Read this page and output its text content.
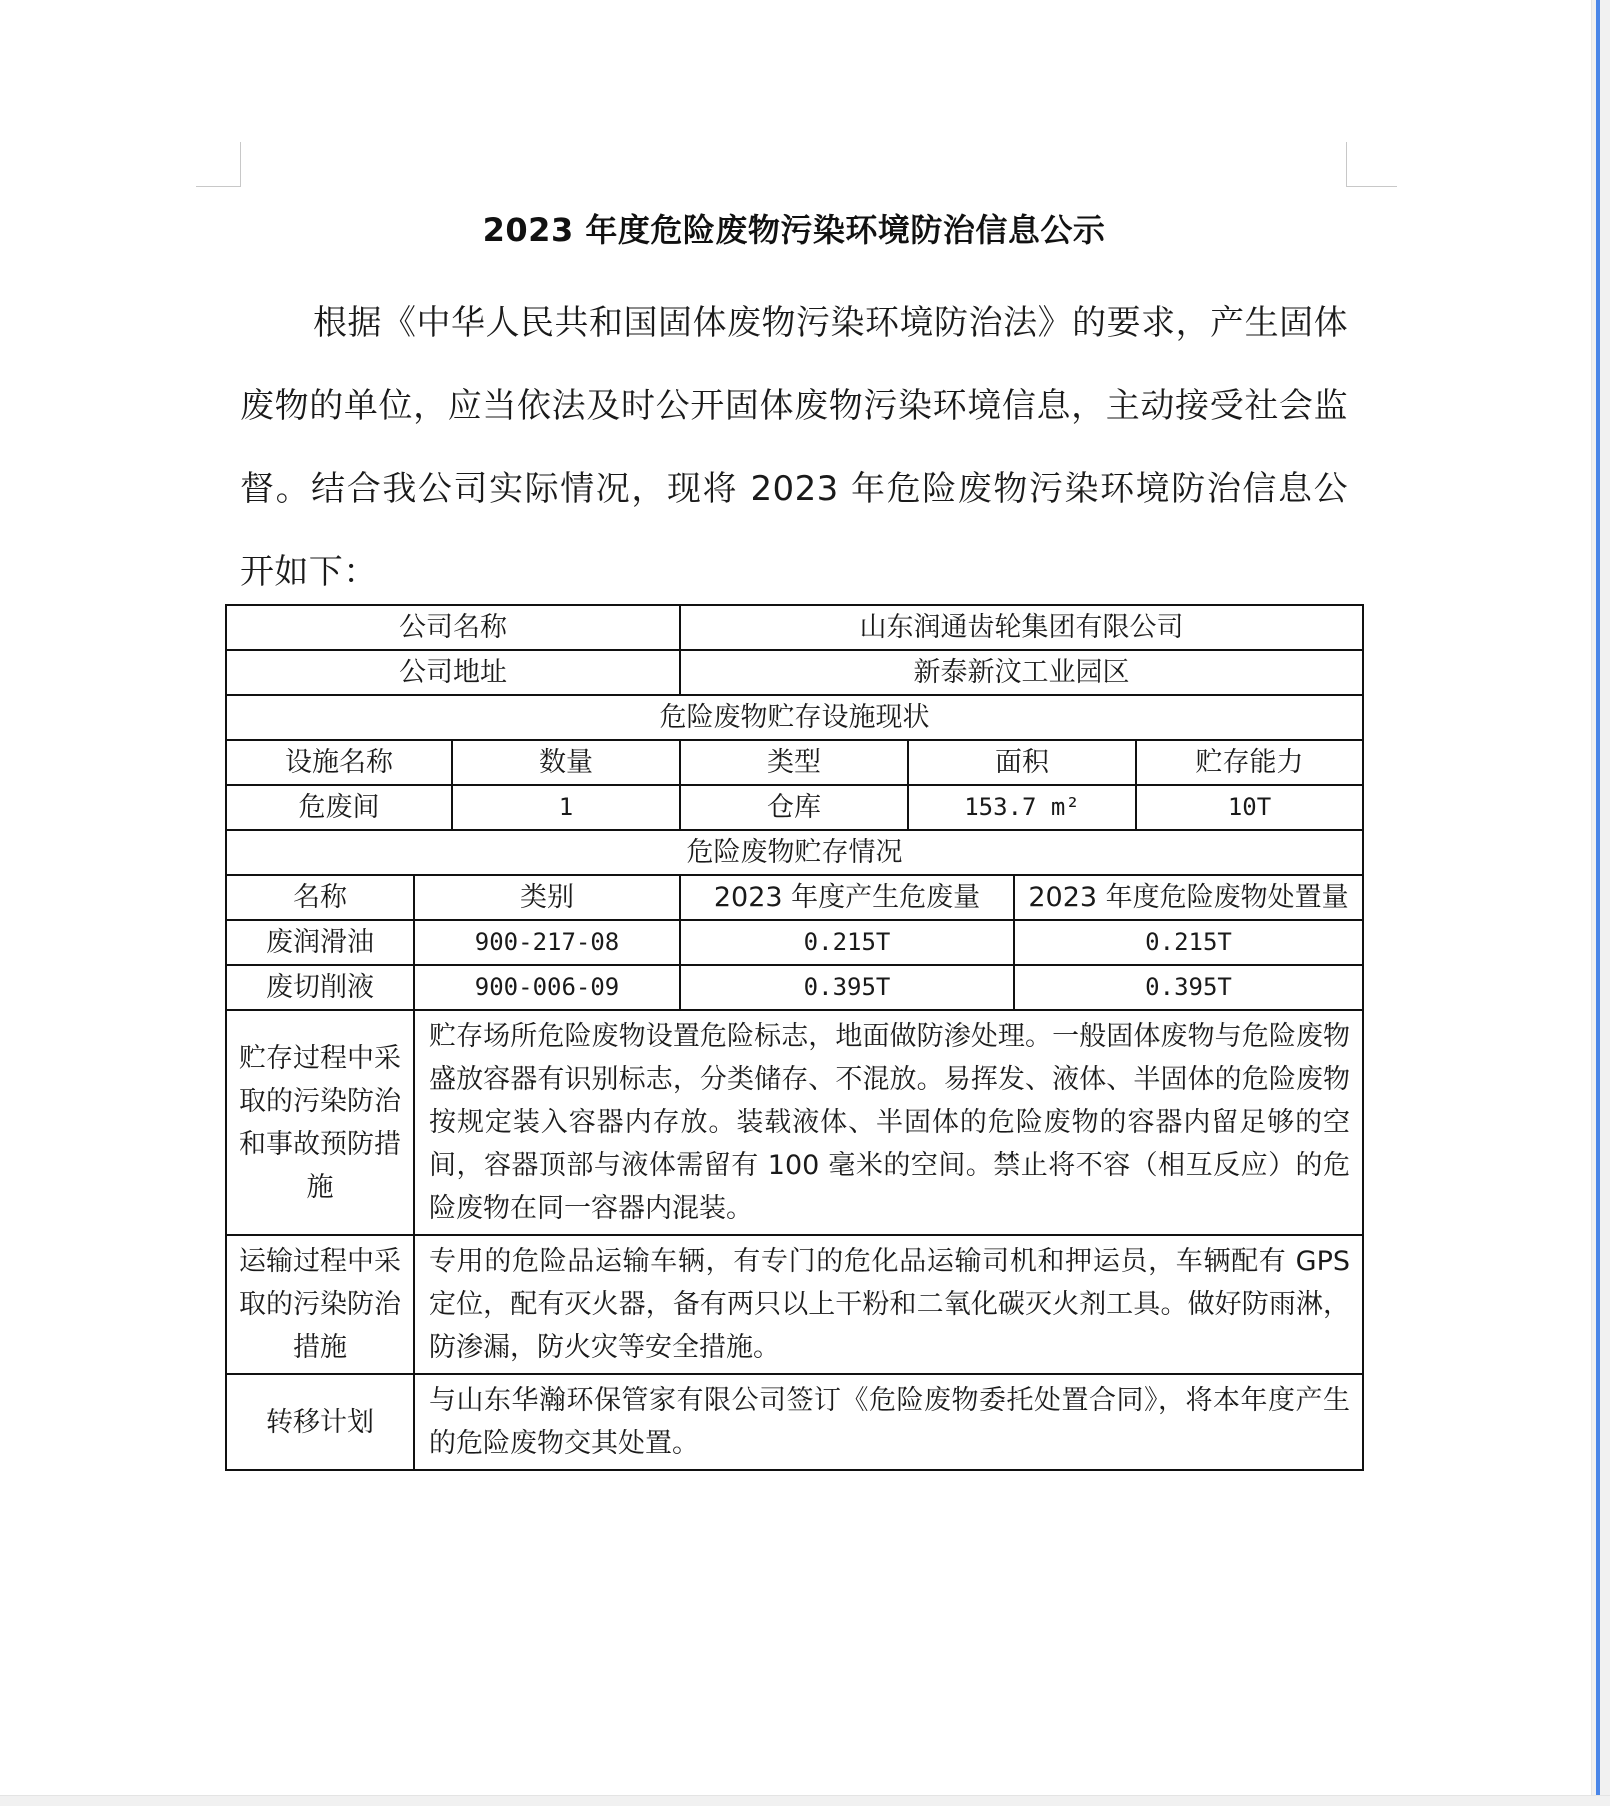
2023 年度危险废物污染环境防治信息公示
根据《中华人民共和国固体废物污染环境防治法》的要求，产生固体废物的单位，应当依法及时公开固体废物污染环境信息，主动接受社会监督。结合我公司实际情况，现将 2023 年危险废物污染环境防治信息公开如下：
公司名称			山东润通齿轮集团有限公司			
公司地址			新泰新汶工业园区			
危险废物贮存设施现状						
设施名称		数量	类型	面积		贮存能力
危废间		1	仓库	153.7 m²		10T
危险废物贮存情况						
名称	类别		2023 年度产生危废量		2023 年度危险废物处置量	
废润滑油	900-217-08		0.215T		0.215T	
废切削液	900-006-09		0.395T		0.395T	
贮存过程中采取的污染防治和事故预防措施	贮存场所危险废物设置危险标志，地面做防渗处理。一般固体废物与危险废物盛放容器有识别标志，分类储存、不混放。易挥发、液体、半固体的危险废物按规定装入容器内存放。装载液体、半固体的危险废物的容器内留足够的空间，容器顶部与液体需留有 100 毫米的空间。禁止将不容（相互反应）的危险废物在同一容器内混装。					
运输过程中采取的污染防治措施	专用的危险品运输车辆，有专门的危化品运输司机和押运员，车辆配有 GPS 定位，配有灭火器，备有两只以上干粉和二氧化碳灭火剂工具。做好防雨淋，防渗漏，防火灾等安全措施。					
转移计划	与山东华瀚环保管家有限公司签订《危险废物委托处置合同》，将本年度产生的危险废物交其处置。					
